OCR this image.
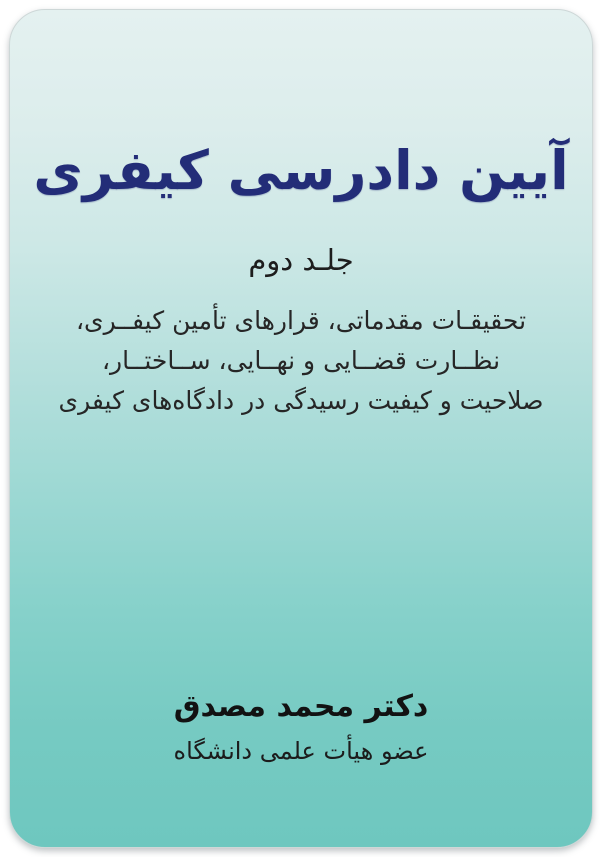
آیین دادرسی کیفری
جلـد دوم
تحقیقـات مقدماتی، قرارهای تأمین کیفــری،
نظــارت قضــایی و نهــایی، ســاختــار،
صلاحیت و کیفیت رسیدگی در دادگاه‌های کیفری
دکتر محمد مصدق
عضو هیأت علمی دانشگاه
